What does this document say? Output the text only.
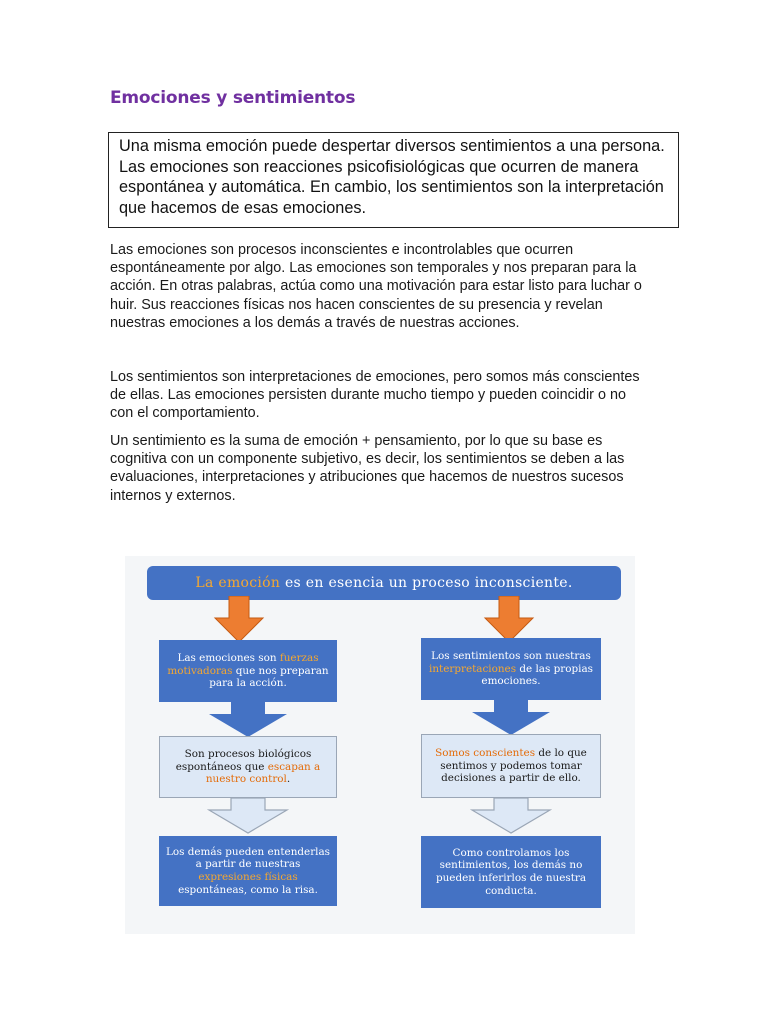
Emociones y sentimientos
Una misma emoción puede despertar diversos sentimientos a una persona. Las emociones son reacciones psicofisiológicas que ocurren de manera espontánea y automática. En cambio, los sentimientos son la interpretación que hacemos de esas emociones.
Las emociones son procesos inconscientes e incontrolables que ocurren espontáneamente por algo. Las emociones son temporales y nos preparan para la acción. En otras palabras, actúa como una motivación para estar listo para luchar o huir. Sus reacciones físicas nos hacen conscientes de su presencia y revelan nuestras emociones a los demás a través de nuestras acciones.
Los sentimientos son interpretaciones de emociones, pero somos más conscientes de ellas. Las emociones persisten durante mucho tiempo y pueden coincidir o no con el comportamiento.
Un sentimiento es la suma de emoción + pensamiento, por lo que su base es cognitiva con un componente subjetivo, es decir, los sentimientos se deben a las evaluaciones, interpretaciones y atribuciones que hacemos de nuestros sucesos internos y externos.
La emoción es en esencia un proceso inconsciente.
Las emociones son fuerzas motivadoras que nos preparan para la acción.
Son procesos biológicos espontáneos que escapan a nuestro control.
Los demás pueden entenderlas a partir de nuestras expresiones físicas espontáneas, como la risa.
Los sentimientos son nuestras interpretaciones de las propias emociones.
Somos conscientes de lo que sentimos y podemos tomar decisiones a partir de ello.
Como controlamos los sentimientos, los demás no pueden inferirlos de nuestra conducta.
